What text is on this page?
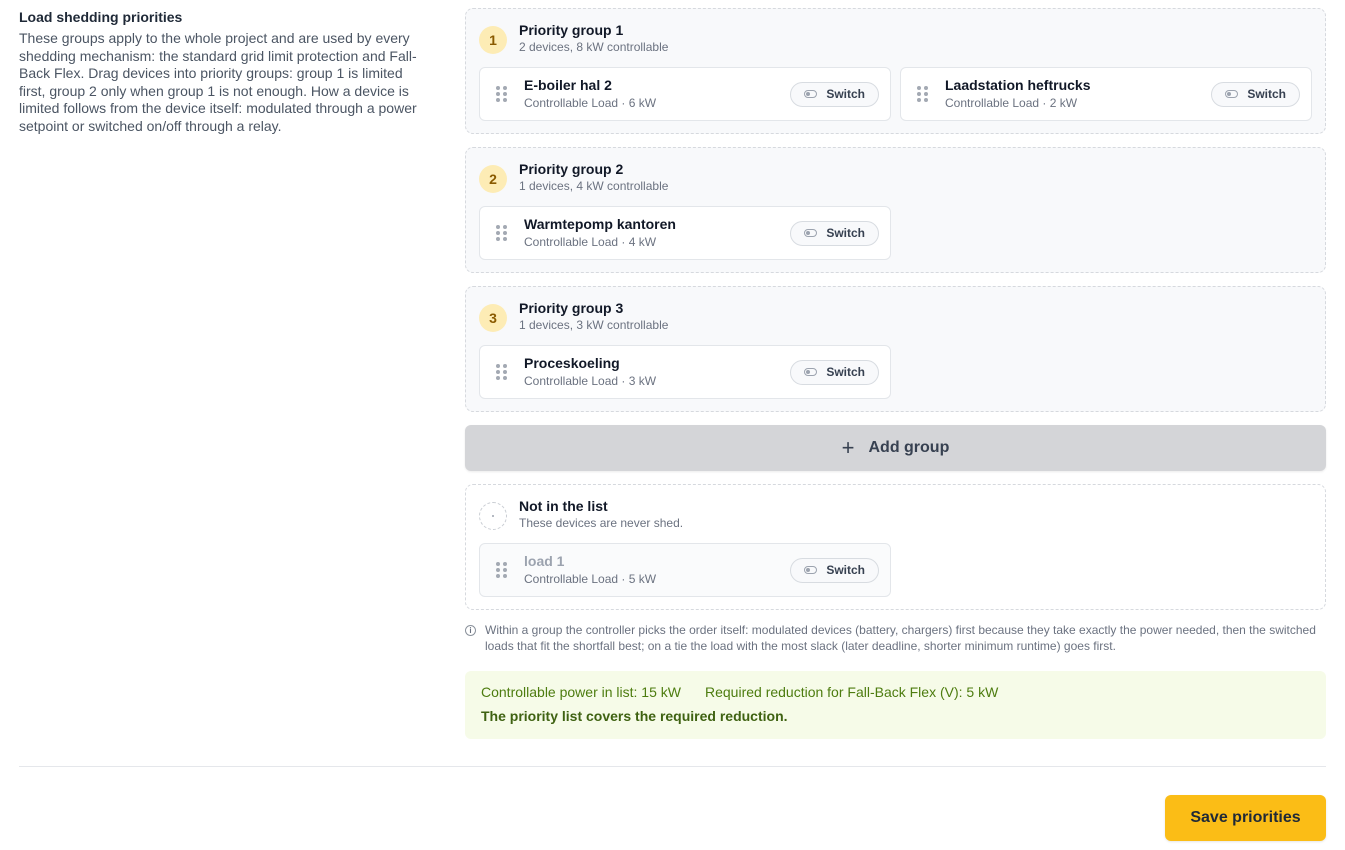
Load shedding priorities

These groups apply to the whole project and are used by every shedding mechanism: the standard grid limit protection and Fall-Back Flex. Drag devices into priority groups: group 1 is limited first, group 2 only when group 1 is not enough. How a device is limited follows from the device itself: modulated through a power setpoint or switched on/off through a relay.

1
Priority group 1
2 devices, 8 kW controllable
E-boiler hal 2
Controllable Load · 6 kW
Switch
Laadstation heftrucks
Controllable Load · 2 kW
Switch
2
Priority group 2
1 devices, 4 kW controllable
Warmtepomp kantoren
Controllable Load · 4 kW
Switch
3
Priority group 3
1 devices, 3 kW controllable
Proceskoeling
Controllable Load · 3 kW
Switch
+ Add group
Not in the list
These devices are never shed.
load 1
Controllable Load · 5 kW
Switch
i	Within a group the controller picks the order itself: modulated devices (battery, chargers) first because they take exactly the power needed, then the switched loads that fit the shortfall best; on a tie the load with the most slack (later deadline, shorter minimum runtime) goes first.
Controllable power in list: 15 kW Required reduction for Fall-Back Flex (V): 5 kW
The priority list covers the required reduction.
Save priorities
